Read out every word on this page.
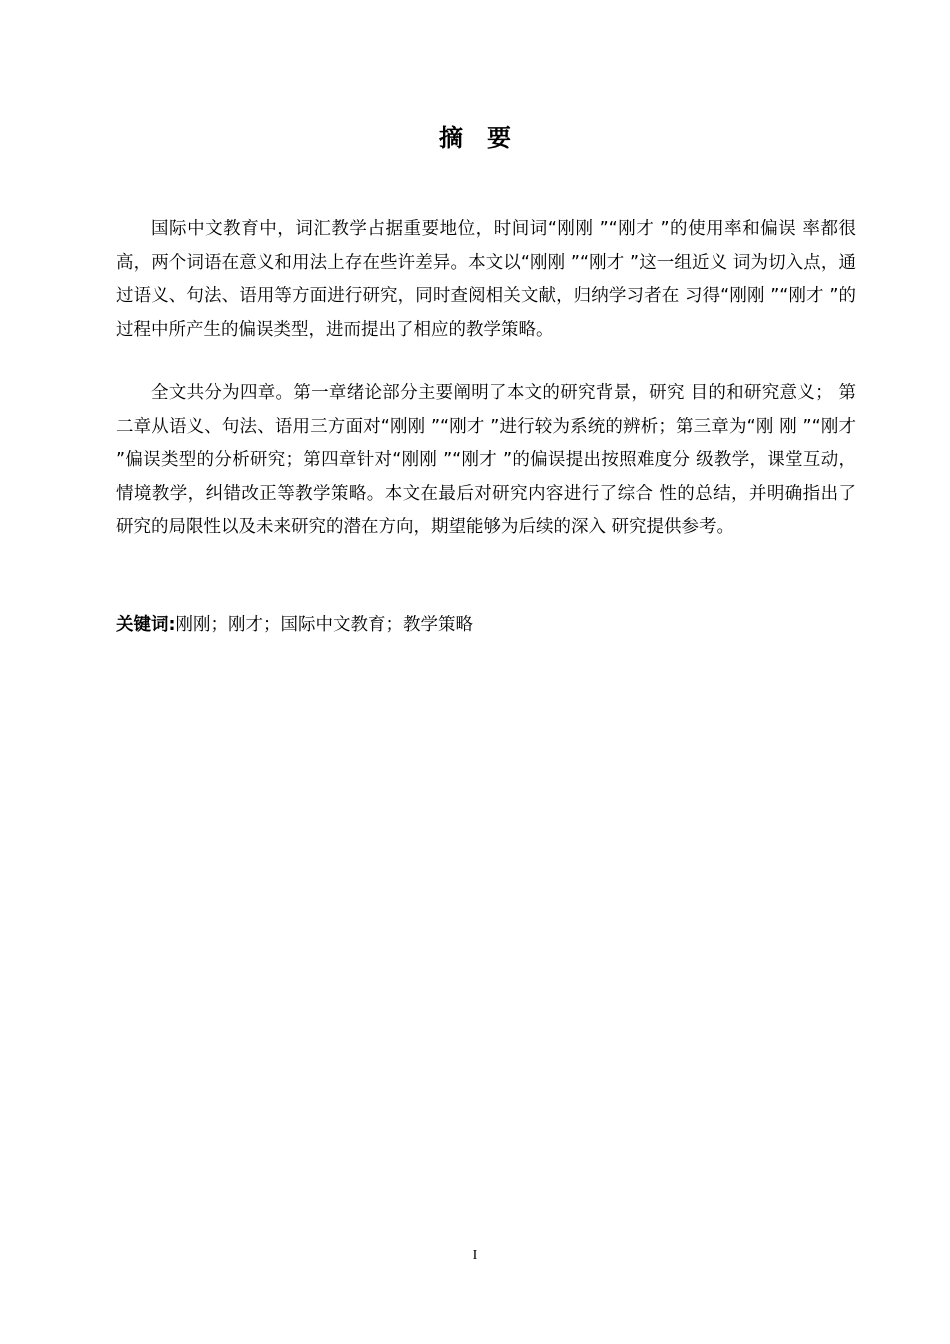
摘　要

国际中文教育中，词汇教学占据重要地位，时间词“刚刚 ”“刚才 ”的使用率和偏误 率都很高，两个词语在意义和用法上存在些许差异。本文以“刚刚 ”“刚才 ”这一组近义 词为切入点，通过语义、句法、语用等方面进行研究，同时查阅相关文献，归纳学习者在 习得“刚刚 ”“刚才 ”的过程中所产生的偏误类型，进而提出了相应的教学策略。

全文共分为四章。第一章绪论部分主要阐明了本文的研究背景，研究 目的和研究意义； 第二章从语义、句法、语用三方面对“刚刚 ”“刚才 ”进行较为系统的辨析；第三章为“刚 刚 ”“刚才 ”偏误类型的分析研究；第四章针对“刚刚 ”“刚才 ”的偏误提出按照难度分 级教学，课堂互动，情境教学，纠错改正等教学策略。本文在最后对研究内容进行了综合 性的总结，并明确指出了研究的局限性以及未来研究的潜在方向，期望能够为后续的深入 研究提供参考。

关键词:刚刚；刚才；国际中文教育；教学策略

I
